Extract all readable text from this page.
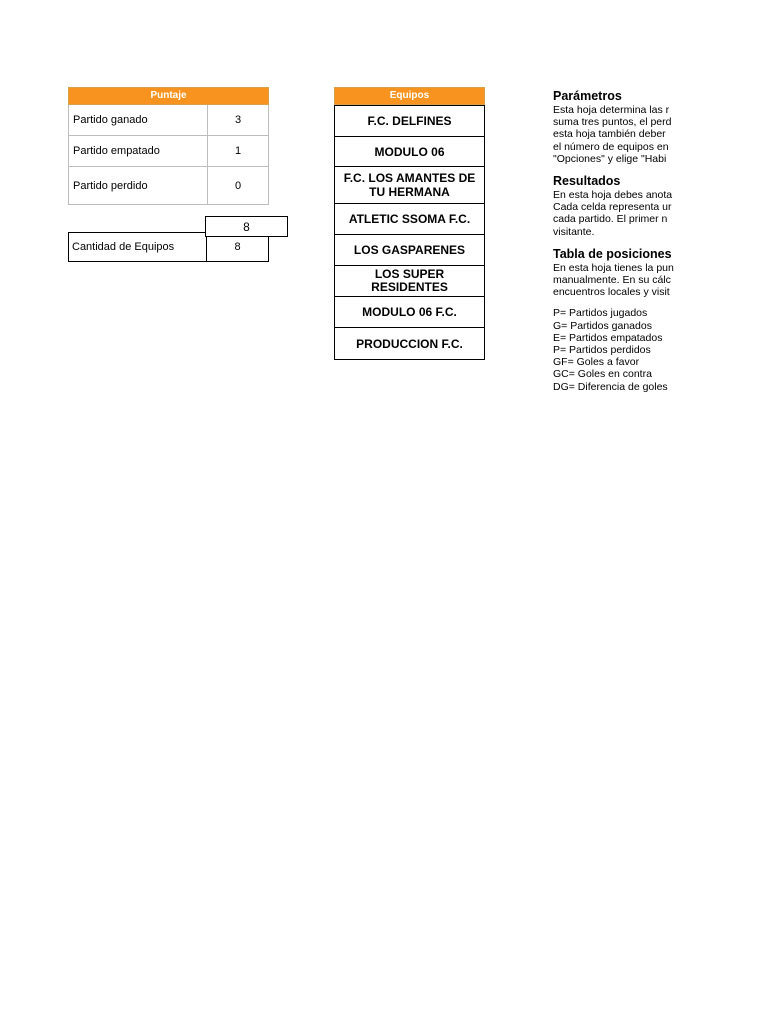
Puntaje
Partido ganado	3
Partido empatado	1
Partido perdido	0
Cantidad de Equipos	8
8
Equipos
F.C. DELFINES
MODULO 06
F.C. LOS AMANTES DE TU HERMANA
ATLETIC SSOMA F.C.
LOS GASPARENES
LOS SUPER RESIDENTES
MODULO 06 F.C.
PRODUCCION F.C.
Parámetros

Esta hoja determina las r

suma tres puntos, el perd

esta hoja también deber

el número de equipos en

"Opciones" y elige "Habi

Resultados

En esta hoja debes anota

Cada celda representa ur

cada partido. El primer n

visitante.

Tabla de posiciones

En esta hoja tienes la pun

manualmente. En su cálc

encuentros locales y visit

P= Partidos jugados

G= Partidos ganados

E= Partidos empatados

P= Partidos perdidos

GF= Goles a favor

GC= Goles en contra

DG= Diferencia de goles
